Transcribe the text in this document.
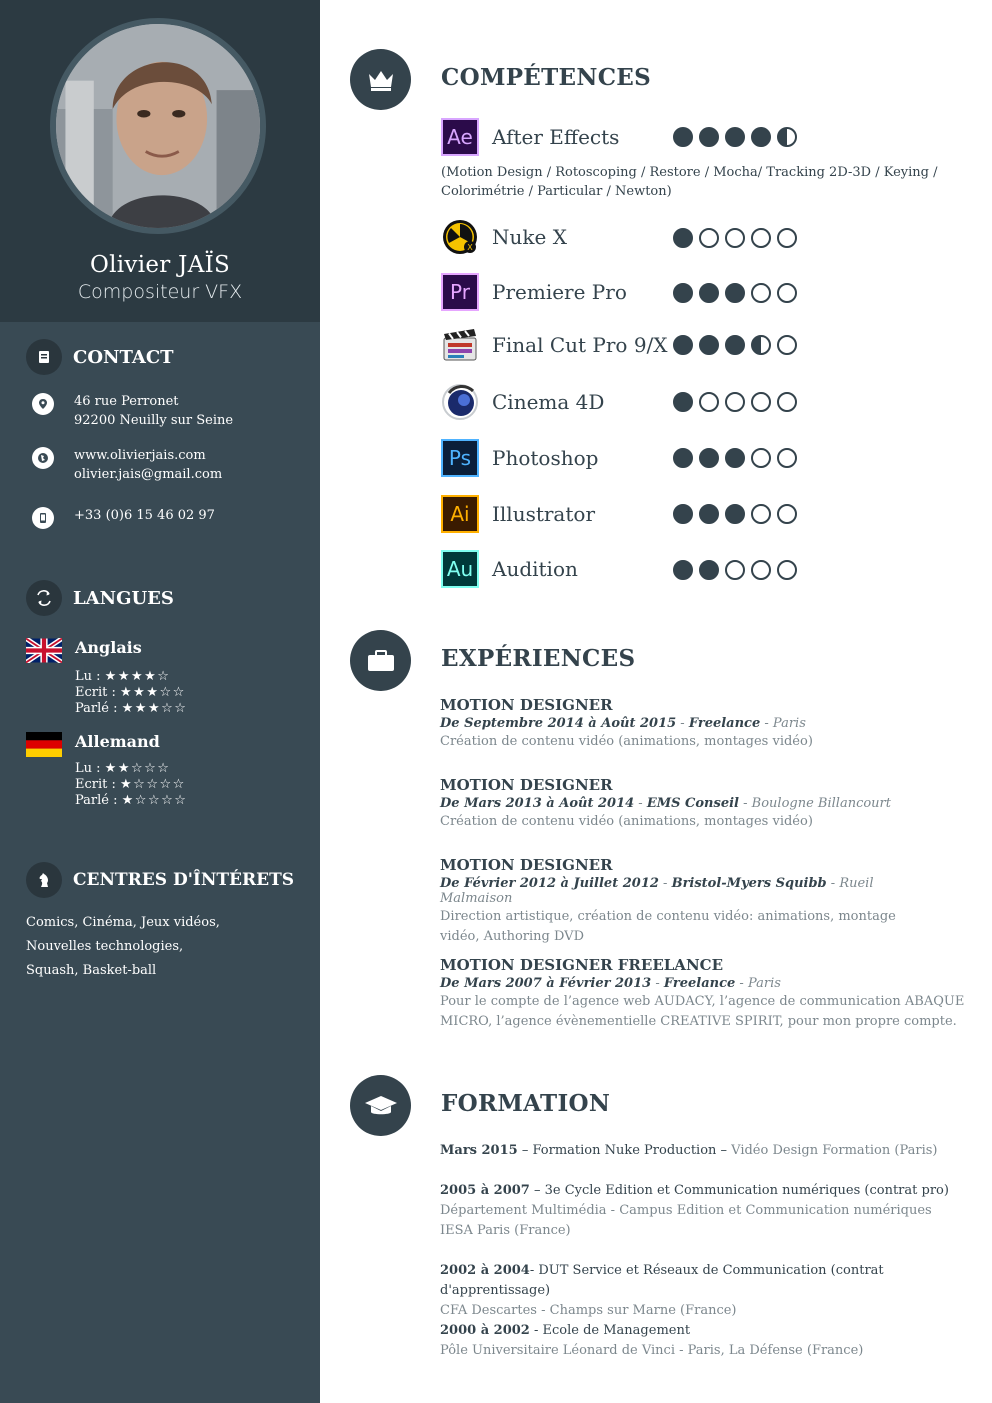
Olivier JAÏS
Compositeur VFX
CONTACT
46 rue Perronet
92200 Neuilly sur Seine
www.olivierjais.com
olivier.jais@gmail.com
+33 (0)6 15 46 02 97
LANGUES
Anglais
Lu : ★★★★☆
Ecrit : ★★★☆☆
Parlé : ★★★☆☆
Allemand
Lu : ★★☆☆☆
Ecrit : ★☆☆☆☆
Parlé : ★☆☆☆☆
CENTRES D'ÎNTÉRETS
Comics, Cinéma, Jeux vidéos,
Nouvelles technologies,
Squash, Basket-ball
COMPÉTENCES
Ae After Effects
X Nuke X
Pr	Premiere Pro
Final Cut Pro 9/X
Cinema 4D
Ps	Photoshop
Ai	Illustrator
Au Audition
(Motion Design / Rotoscoping / Restore / Mocha/ Tracking 2D-3D / Keying / Colorimétrie / Particular / Newton)
EXPÉRIENCES
MOTION DESIGNER
De Septembre 2014 à Août 2015 - Freelance - Paris
Création de contenu vidéo (animations, montages vidéo)
MOTION DESIGNER
De Mars 2013 à Août 2014 - EMS Conseil - Boulogne Billancourt
Création de contenu vidéo (animations, montages vidéo)
MOTION DESIGNER
De Février 2012 à Juillet 2012 - Bristol-Myers Squibb - Rueil Malmaison
Direction artistique, création de contenu vidéo: animations, montage vidéo, Authoring DVD
MOTION DESIGNER FREELANCE
De Mars 2007 à Février 2013 - Freelance - Paris
Pour le compte de l’agence web AUDACY, l’agence de communication ABAQUE MICRO, l’agence évènementielle CREATIVE SPIRIT, pour mon propre compte.
FORMATION
Mars 2015 – Formation Nuke Production – Vidéo Design Formation (Paris)
2005 à 2007 – 3e Cycle Edition et Communication numériques (contrat pro)
Département Multimédia - Campus Edition et Communication numériques
IESA Paris (France)
2002 à 2004- DUT Service et Réseaux de Communication (contrat d'apprentissage)
CFA Descartes - Champs sur Marne (France)
2000 à 2002 - Ecole de Management
Pôle Universitaire Léonard de Vinci - Paris, La Défense (France)
